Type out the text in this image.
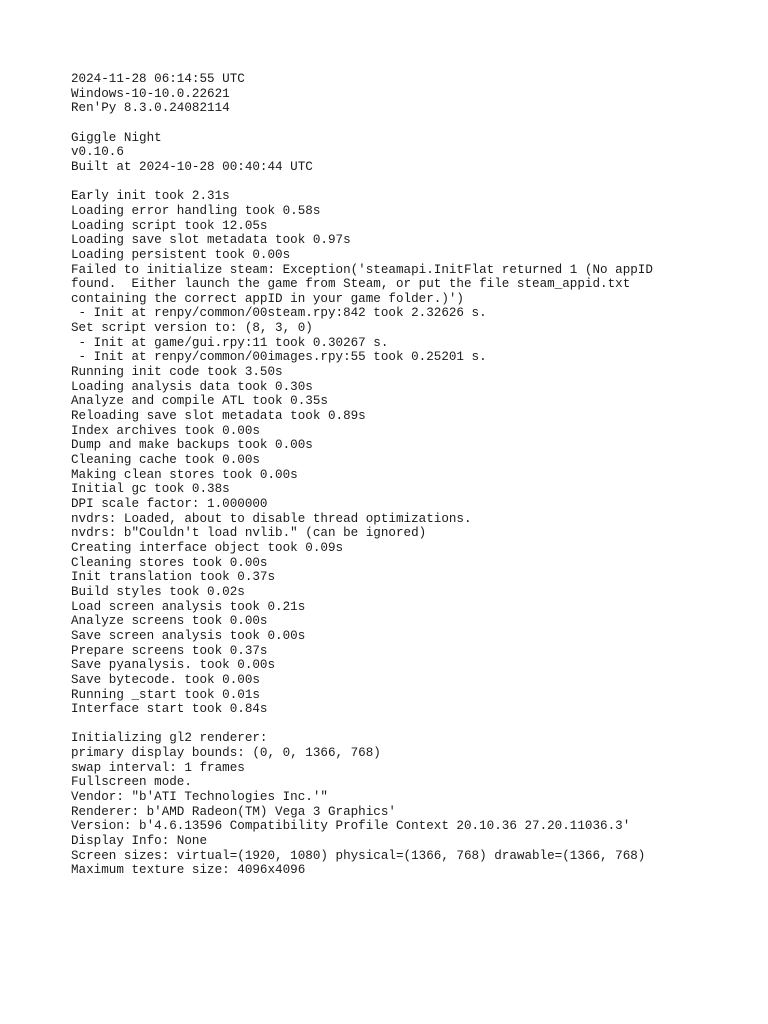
2024-11-28 06:14:55 UTC
Windows-10-10.0.22621
Ren'Py 8.3.0.24082114
Giggle Night
v0.10.6
Built at 2024-10-28 00:40:44 UTC
Early init took 2.31s
Loading error handling took 0.58s
Loading script took 12.05s
Loading save slot metadata took 0.97s
Loading persistent took 0.00s
Failed to initialize steam: Exception('steamapi.InitFlat returned 1 (No appID
found.  Either launch the game from Steam, or put the file steam_appid.txt
containing the correct appID in your game folder.)')
- Init at renpy/common/00steam.rpy:842 took 2.32626 s.
Set script version to: (8, 3, 0)
- Init at game/gui.rpy:11 took 0.30267 s.
- Init at renpy/common/00images.rpy:55 took 0.25201 s.
Running init code took 3.50s
Loading analysis data took 0.30s
Analyze and compile ATL took 0.35s
Reloading save slot metadata took 0.89s
Index archives took 0.00s
Dump and make backups took 0.00s
Cleaning cache took 0.00s
Making clean stores took 0.00s
Initial gc took 0.38s
DPI scale factor: 1.000000
nvdrs: Loaded, about to disable thread optimizations.
nvdrs: b"Couldn't load nvlib." (can be ignored)
Creating interface object took 0.09s
Cleaning stores took 0.00s
Init translation took 0.37s
Build styles took 0.02s
Load screen analysis took 0.21s
Analyze screens took 0.00s
Save screen analysis took 0.00s
Prepare screens took 0.37s
Save pyanalysis. took 0.00s
Save bytecode. took 0.00s
Running _start took 0.01s
Interface start took 0.84s
Initializing gl2 renderer:
primary display bounds: (0, 0, 1366, 768)
swap interval: 1 frames
Fullscreen mode.
Vendor: "b'ATI Technologies Inc.'"
Renderer: b'AMD Radeon(TM) Vega 3 Graphics'
Version: b'4.6.13596 Compatibility Profile Context 20.10.36 27.20.11036.3'
Display Info: None
Screen sizes: virtual=(1920, 1080) physical=(1366, 768) drawable=(1366, 768)
Maximum texture size: 4096x4096
